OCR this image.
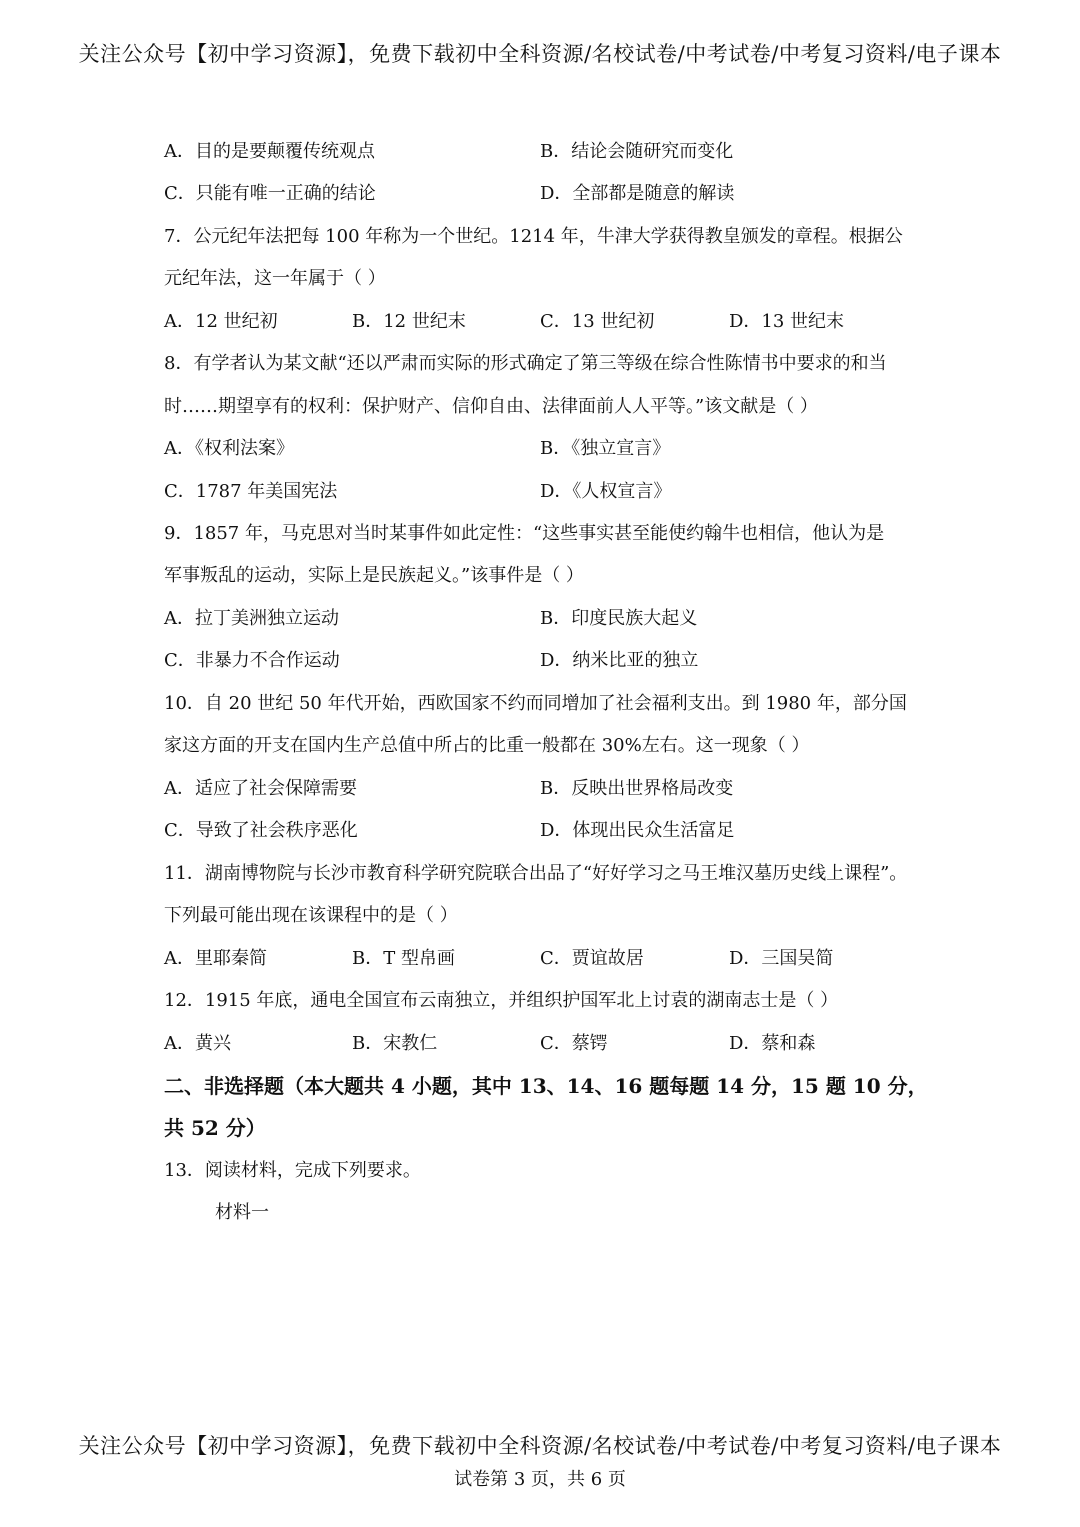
关注公众号【初中学习资源】，免费下载初中全科资源/名校试卷/中考试卷/中考复习资料/电子课本
A．目的是要颠覆传统观点	B．结论会随研究而变化
C．只能有唯一正确的结论	D．全部都是随意的解读
7．公元纪年法把每 100 年称为一个世纪。1214 年，牛津大学获得教皇颁发的章程。根据公
元纪年法，这一年属于（ ）
A．12 世纪初	B．12 世纪末	C．13 世纪初	D．13 世纪末
8．有学者认为某文献“还以严肃而实际的形式确定了第三等级在综合性陈情书中要求的和当
时……期望享有的权利：保护财产、信仰自由、法律面前人人平等。”该文献是（ ）
A．《权利法案》	B．《独立宣言》
C．1787 年美国宪法	D．《人权宣言》
9．1857 年，马克思对当时某事件如此定性：“这些事实甚至能使约翰牛也相信，他认为是
军事叛乱的运动，实际上是民族起义。”该事件是（ ）
A．拉丁美洲独立运动	B．印度民族大起义
C．非暴力不合作运动	D．纳米比亚的独立
10．自 20 世纪 50 年代开始，西欧国家不约而同增加了社会福利支出。到 1980 年，部分国
家这方面的开支在国内生产总值中所占的比重一般都在 30%左右。这一现象（ ）
A．适应了社会保障需要	B．反映出世界格局改变
C．导致了社会秩序恶化	D．体现出民众生活富足
11．湖南博物院与长沙市教育科学研究院联合出品了“好好学习之马王堆汉墓历史线上课程”。
下列最可能出现在该课程中的是（ ）
A．里耶秦简	B．T 型帛画	C．贾谊故居	D．三国吴简
12．1915 年底，通电全国宣布云南独立，并组织护国军北上讨袁的湖南志士是（ ）
A．黄兴	B．宋教仁	C．蔡锷	D．蔡和森
二、非选择题（本大题共 4 小题，其中 13、14、16 题每题 14 分，15 题 10 分，
共 52 分）
13．阅读材料，完成下列要求。
材料一
关注公众号【初中学习资源】，免费下载初中全科资源/名校试卷/中考试卷/中考复习资料/电子课本
试卷第 3 页，共 6 页
